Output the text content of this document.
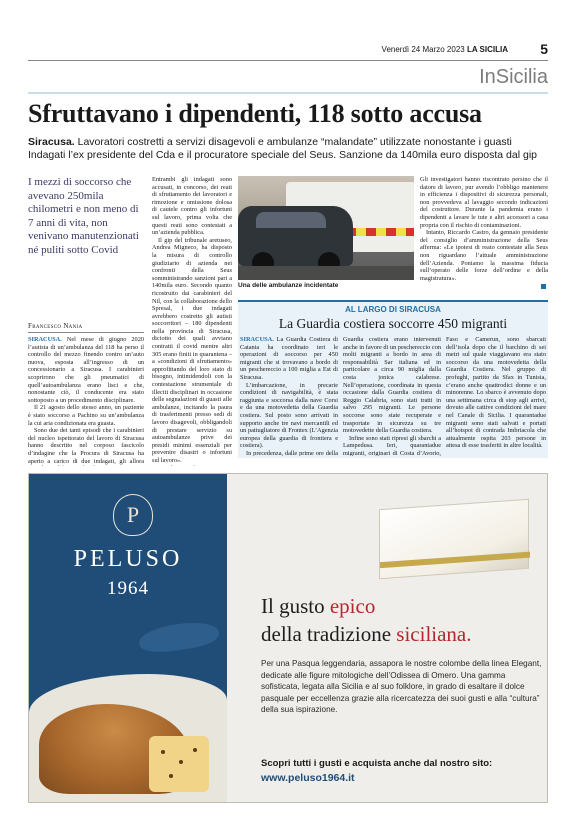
Venerdì 24 Marzo 2023 LA SICILIA 5
InSicilia
Sfruttavano i dipendenti, 118 sotto accusa
Siracusa. Lavoratori costretti a servizi disagevoli e ambulanze “malandate” utilizzate nonostante i guasti Indagati l’ex presidente del Cda e il procuratore speciale del Seus. Sanzione da 140mila euro disposta dal gip
I mezzi di soccorso che avevano 250mila chilometri e non meno di 7 anni di vita, non venivano manutenzionati né puliti sotto Covid
Francesco Nania

SIRACUSA. Nel mese di giugno 2020 l’autista di un’ambulanza del 118 ha perso il controllo del mezzo finendo contro un’auto nuova, esposta all’ingresso di un concessionario a Siracusa. I carabinieri scoprirono che gli pneumatici di quell’autoambulanza erano lisci e che, nonostante ciò, il conducente era stato sottoposto a un procedimento disciplinare.

Il 21 agosto dello stesso anno, un paziente è stato soccorso a Pachino su un’ambulanza la cui aria condizionata era guasta.

Sono due dei tanti episodi che i carabinieri del nucleo ispettorato del lavoro di Siracusa hanno descritto nel corposo fascicolo d’indagine che la Procura di Siracusa ha aperto a carico di due indagati, gli allora

Entrambi gli indagati sono accusati, in concorso, dei reati di sfruttamento dei lavoratori e rimozione e omissione dolosa di cautele contro gli infortuni sul lavoro, prima volta che questi reati sono contestati a un’azienda pubblica.

Il gip del tribunale aretuseo, Andrea Migneco, ha disposto la misura di controllo giudiziario di azienda nei confronti della Seus somministrando sanzioni pari a 140mila euro. Secondo quanto ricostruito dai carabinieri del Nil, con la collaborazione dello Spresal, i due indagati avrebbero costretto gli autisti soccorritori – 180 dipendenti nella provincia di Siracusa, diciotto dei quali avviano contratti il covid mentre altri 305 erano finiti in quarantena – a «condizioni di sfruttamento» approfittando del loro stato di bisogno, intimidendoli con la contestazione strumentale di illeciti disciplinari in occasione delle segnalazioni di guasti alle ambulanze, incitando la paura di trasferimenti presso sedi di lavoro disagevoli, obbligandoli di prestare servizio su autoambulanze prive dei presidi minimi essenziali per prevenire disastri o infortuni sul lavoro».

Una delle ambulanze incidentate

Gli investigatori hanno riscontrato persino che il datore di lavoro, pur avendo l’obbligo mantenere in efficienza i dispositivi di sicurezza personali, non provvedeva al lavaggio secondo indicazioni del costruttore. Durante la pandemia erano i dipendenti a lavare le tute e altri accessori a casa propria con il rischio di contaminazioni.

Intanto, Riccardo Castro, da gennaio presidente del consiglio d’amministrazione della Seus afferma: «Le ipotesi di reato contestate alla Seus non riguardano l’attuale amministrazione dell’Azienda. Poniamo la massima fiducia sull’operato delle forze dell’ordine e della magistratura».

AL LARGO DI SIRACUSA
La Guardia costiera soccorre 450 migranti

SIRACUSA. La Guardia Costiera di Catania ha coordinato ieri le operazioni di soccorso per 450 migranti che si trovavano a bordo di un peschereccio a 100 miglia a Est di Siracusa.

L’imbarcazione, in precarie condizioni di navigabilità, è stata raggiunta e soccorsa dalla nave Corsi e da una motovedetta della Guardia costiera. Sul posto sono arrivati in supporto anche tre navi mercantili ed un pattugliatore di Frontex (L’Agenzia europea della guardia di frontiera e costiera).

In precedenza, dalle prime ore della

Guardia costiera erano intervenuti anche in favore di un peschereccio con molti migranti a bordo in area di responsabilità Sar italiana ed in particolare a circa 90 miglia dalla costa jonica calabrese. Nell’operazione, coordinata in questa occasione dalla Guardia costiera di Reggio Calabria, sono stati tratti in salvo 295 migranti. Le persone soccorse sono state recuperate e trasportate in sicurezza su tre motovedette della Guardia costiera.

Infine sono stati ripresi gli sbarchi a Lampedusa. Ieri, quarantadue migranti, originari di Costa d’Avorio,

Faso e Camerun, sono sbarcati dell’isola dopo che il barchino di sei metri sul quale viaggiavano era stato soccorso da una motovedetta della Guardia Costiera. Nel gruppo di profughi, partito da Sfax in Tunisia, c’erano anche quattrodici donne e un minorenne. Lo sbarco è avvenuto dopo una settimana circa di stop agli arrivi, dovuto alle cattive condizioni del mare nel Canale di Sicilia. I quarantadue migranti sono stati salvati e portati all’hotspot di contrada Imbriacola che attualmente ospita 203 persone in attesa di esse trasferiti in altre località.

P
PELUSO
1964
Il gusto epico
della tradizione siciliana.
Per una Pasqua leggendaria, assapora le nostre colombe della linea Elegant, dedicate alle figure mitologiche dell’Odissea di Omero. Una gamma sofisticata, legata alla Sicilia e al suo folklore, in grado di esaltare il dolce pasquale per eccellenza grazie alla ricercatezza dei suoi gusti e alla “cultura” della sua ispirazione.
Scopri tutti i gusti e acquista anche dal nostro sito:
www.peluso1964.it
